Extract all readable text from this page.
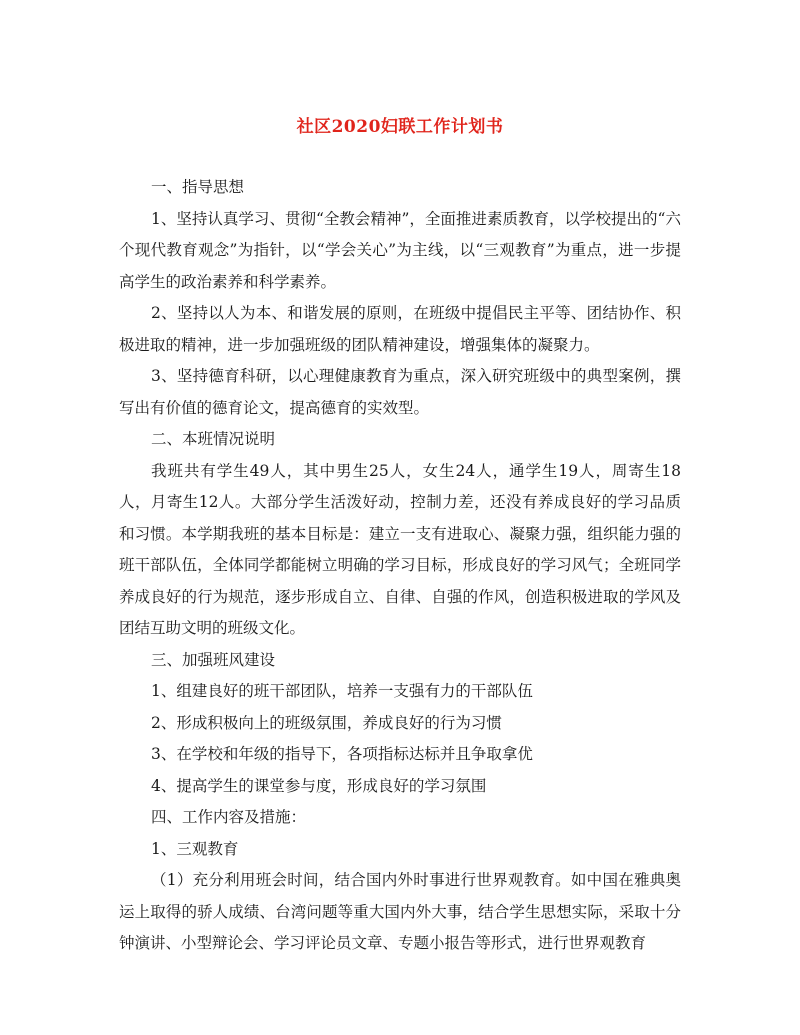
社区2020妇联工作计划书

一、指导思想

1、坚持认真学习、贯彻“全教会精神”，全面推进素质教育，以学校提出的“六个现代教育观念”为指针，以“学会关心”为主线，以“三观教育”为重点，进一步提高学生的政治素养和科学素养。

2、坚持以人为本、和谐发展的原则，在班级中提倡民主平等、团结协作、积极进取的精神，进一步加强班级的团队精神建设，增强集体的凝聚力。

3、坚持德育科研，以心理健康教育为重点，深入研究班级中的典型案例，撰写出有价值的德育论文，提高德育的实效型。

二、本班情况说明

我班共有学生49人，其中男生25人，女生24人，通学生19人，周寄生18人，月寄生12人。大部分学生活泼好动，控制力差，还没有养成良好的学习品质和习惯。本学期我班的基本目标是：建立一支有进取心、凝聚力强，组织能力强的班干部队伍，全体同学都能树立明确的学习目标，形成良好的学习风气；全班同学养成良好的行为规范，逐步形成自立、自律、自强的作风，创造积极进取的学风及团结互助文明的班级文化。

三、加强班风建设

1、组建良好的班干部团队，培养一支强有力的干部队伍

2、形成积极向上的班级氛围，养成良好的行为习惯

3、在学校和年级的指导下，各项指标达标并且争取拿优

4、提高学生的课堂参与度，形成良好的学习氛围

四、工作内容及措施：

1、三观教育

（1）充分利用班会时间，结合国内外时事进行世界观教育。如中国在雅典奥运上取得的骄人成绩、台湾问题等重大国内外大事，结合学生思想实际，采取十分钟演讲、小型辩论会、学习评论员文章、专题小报告等形式，进行世界观教育
